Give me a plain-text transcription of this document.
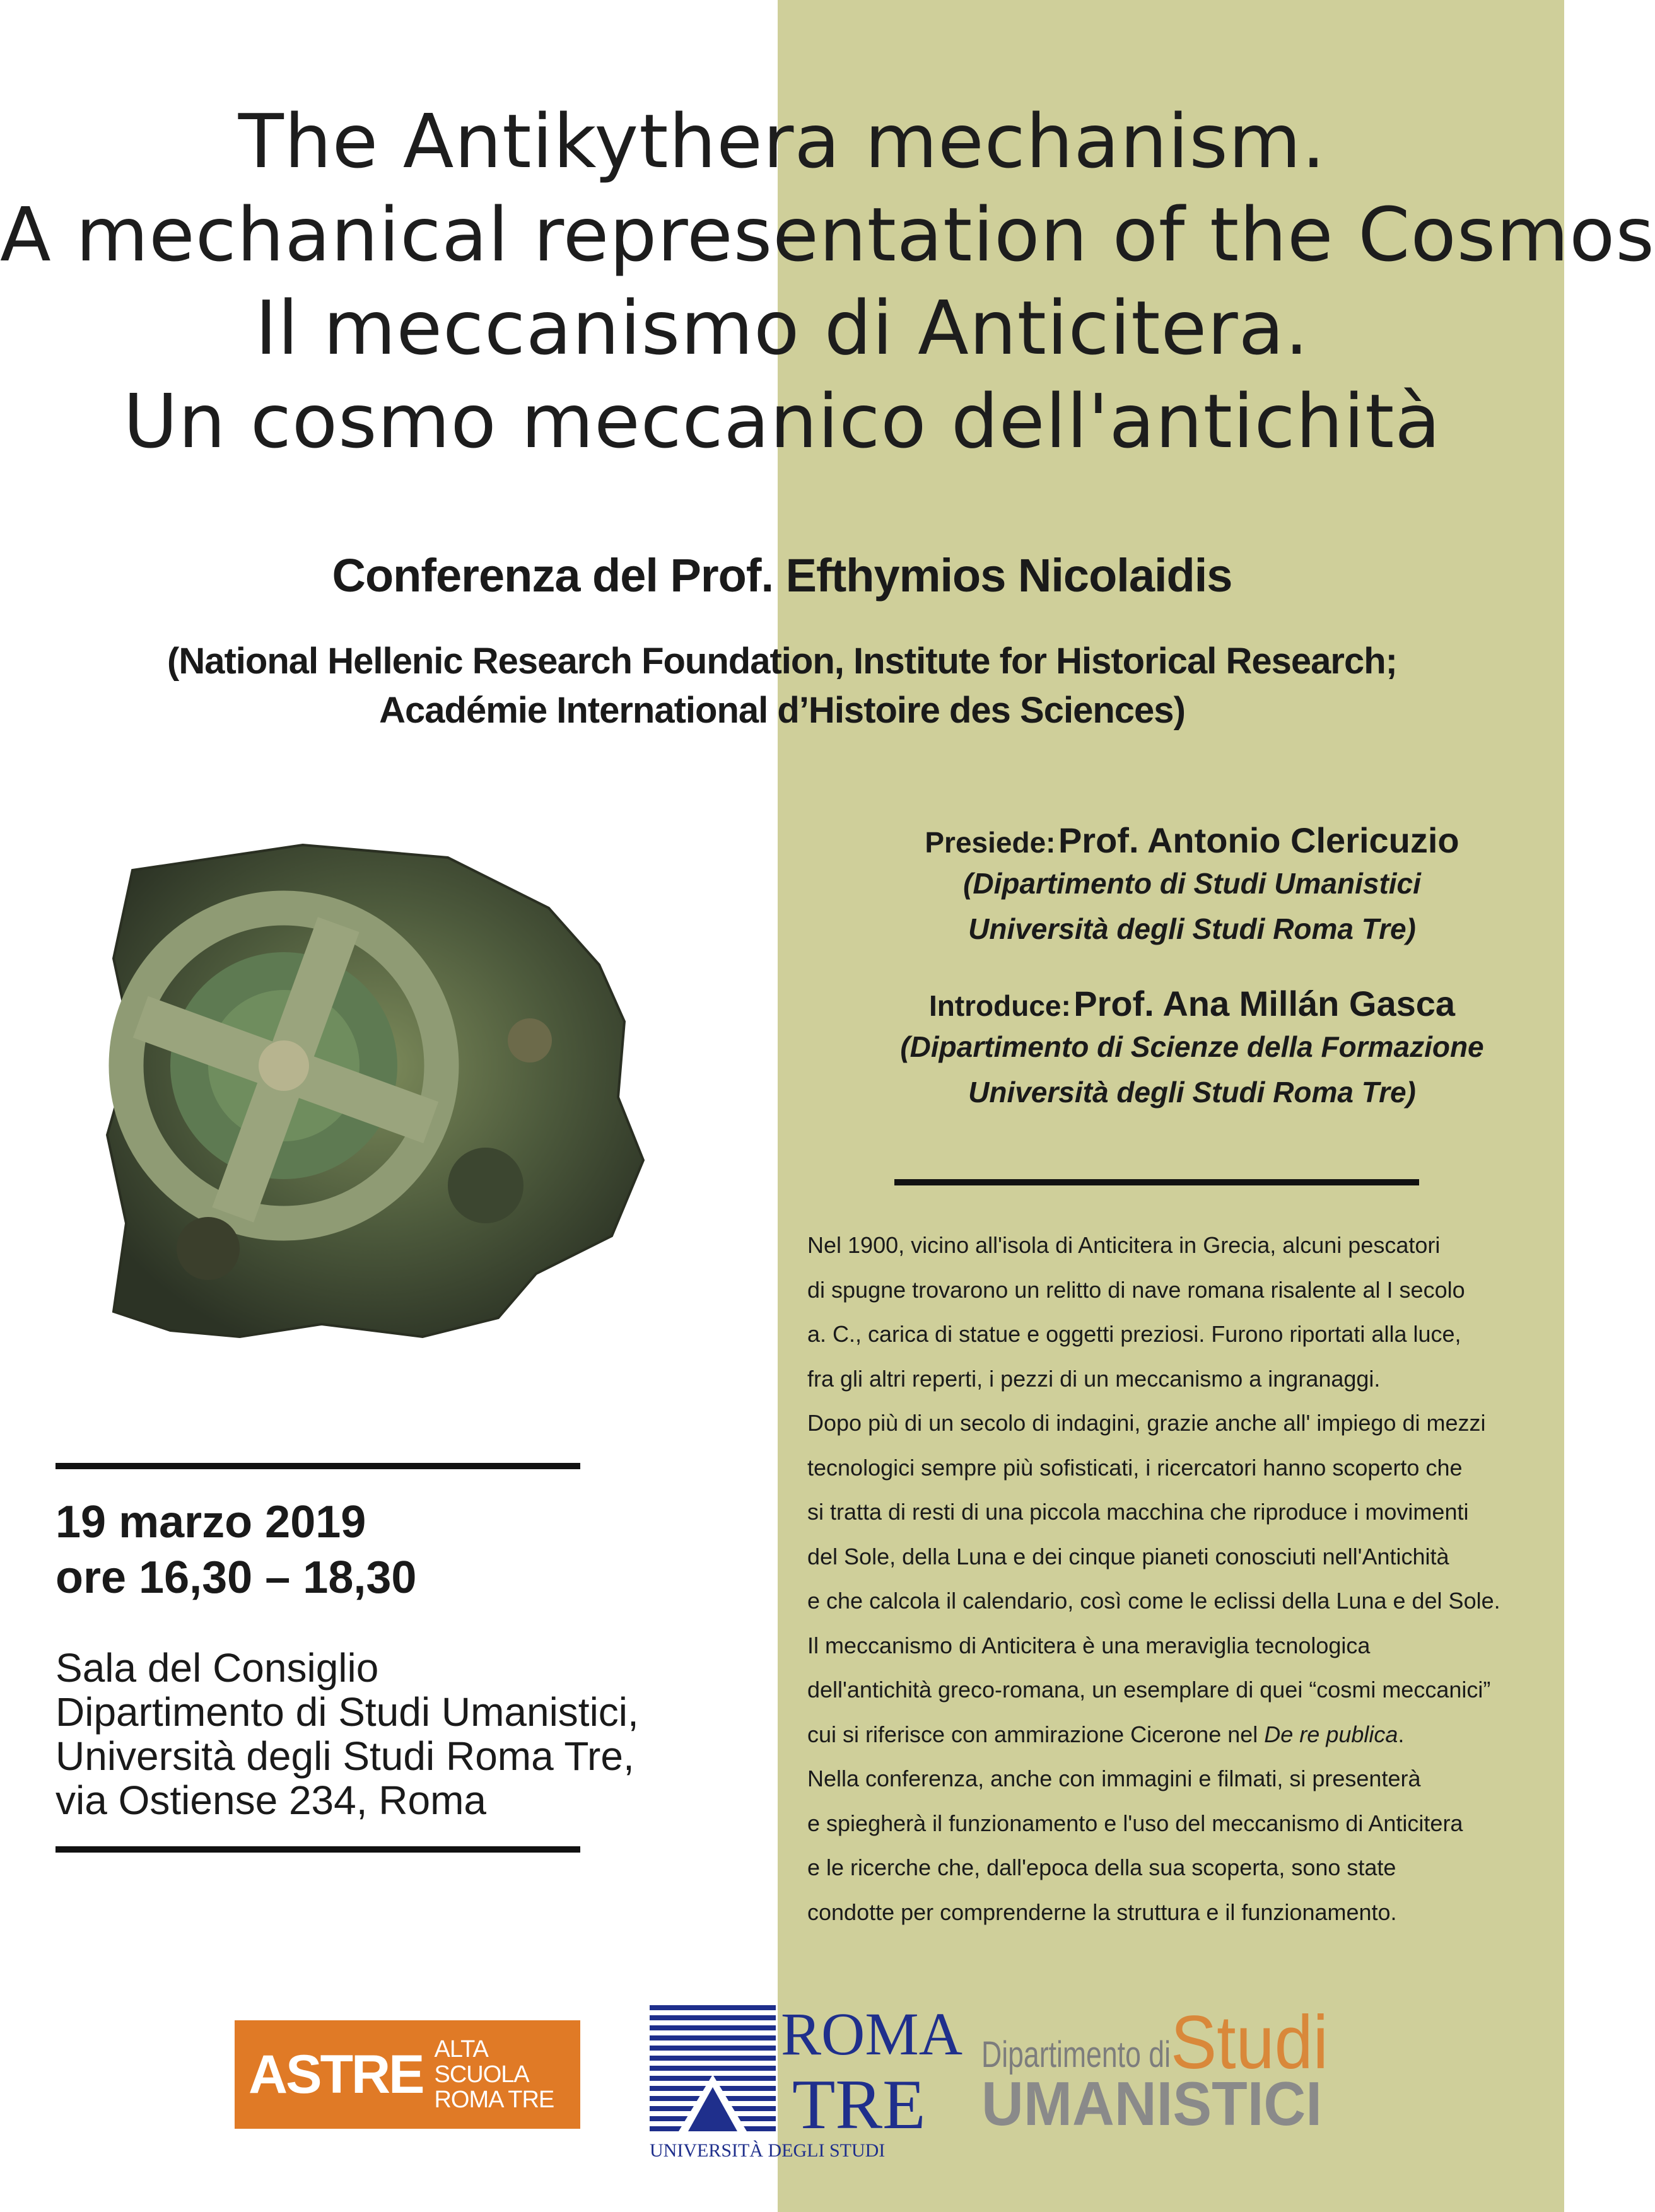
The Antikythera mechanism.
A mechanical representation of the Cosmos
Il meccanismo di Anticitera.
Un cosmo meccanico dell'antichità
Conferenza del Prof. Efthymios Nicolaidis
(National Hellenic Research Foundation, Institute for Historical Research;
Académie International d’Histoire des Sciences)
Presiede: Prof. Antonio Clericuzio
(Dipartimento di Studi Umanistici
Università degli Studi Roma Tre)
Introduce: Prof. Ana Millán Gasca
(Dipartimento di Scienze della Formazione
Università degli Studi Roma Tre)
Nel 1900, vicino all'isola di Anticitera in Grecia, alcuni pescatori
di spugne trovarono un relitto di nave romana risalente al I secolo
a. C., carica di statue e oggetti preziosi. Furono riportati alla luce,
fra gli altri reperti, i pezzi di un meccanismo a ingranaggi.
Dopo più di un secolo di indagini, grazie anche all' impiego di mezzi
tecnologici sempre più sofisticati, i ricercatori hanno scoperto che
si tratta di resti di una piccola macchina che riproduce i movimenti
del Sole, della Luna e dei cinque pianeti conosciuti nell'Antichità
e che calcola il calendario, così come le eclissi della Luna e del Sole.
Il meccanismo di Anticitera è una meraviglia tecnologica
dell'antichità greco-romana, un esemplare di quei “cosmi meccanici”
cui si riferisce con ammirazione Cicerone nel De re publica.
Nella conferenza, anche con immagini e filmati, si presenterà
e spiegherà il funzionamento e l'uso del meccanismo di Anticitera
e le ricerche che, dall'epoca della sua scoperta, sono state
condotte per comprenderne la struttura e il funzionamento.
19 marzo 2019
ore 16,30 – 18,30
Sala del Consiglio
Dipartimento di Studi Umanistici,
Università degli Studi Roma Tre,
via Ostiense 234, Roma
ASTRE ALTA SCUOLA
ROMA TRE
ROMA
TRE
UNIVERSITÀ DEGLI STUDI
Dipartimento di Studi
UMANISTICI
